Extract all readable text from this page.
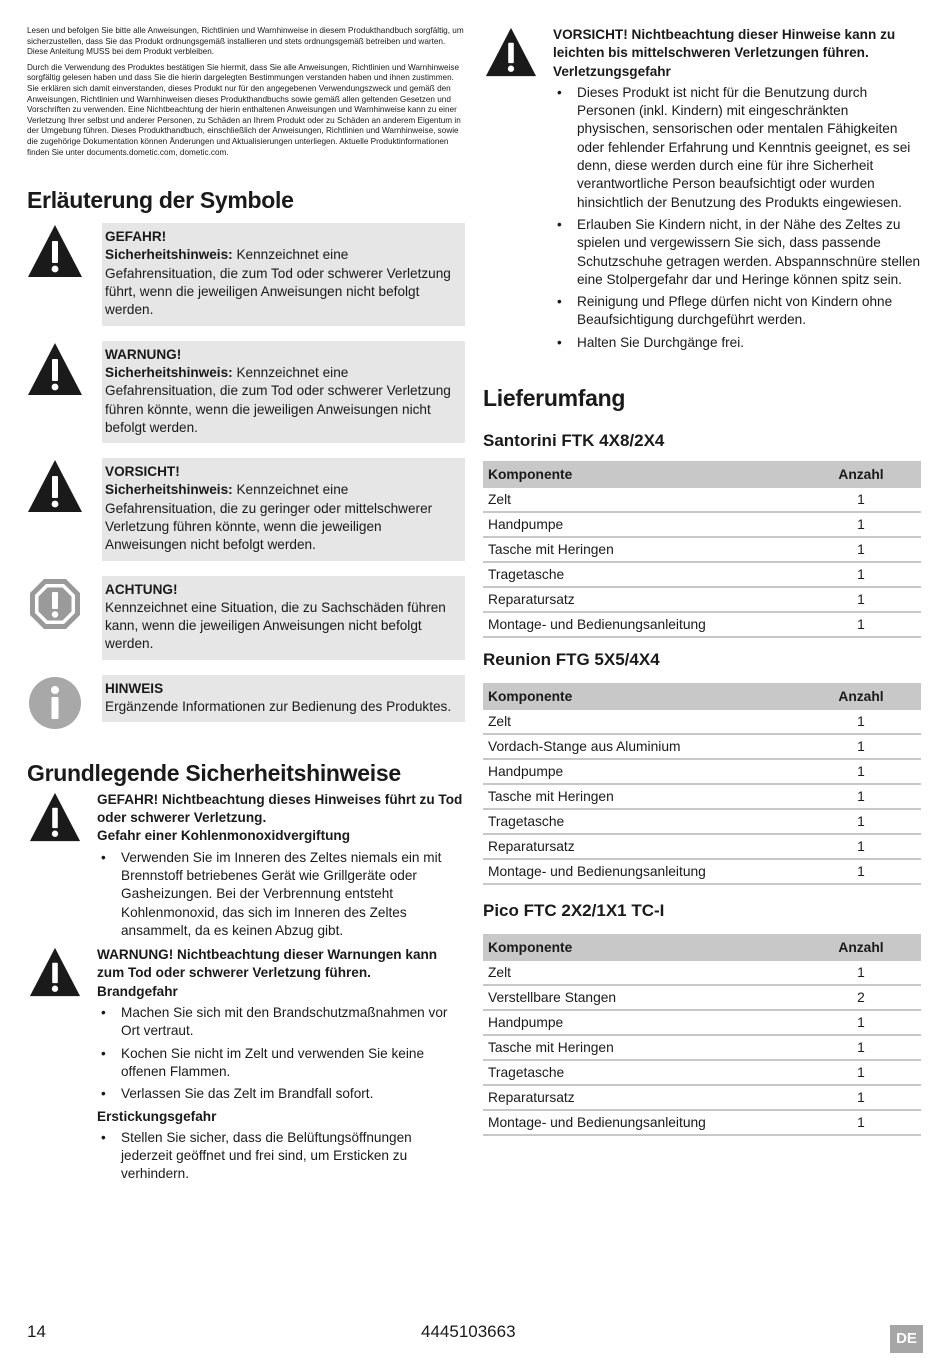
Lesen und befolgen Sie bitte alle Anweisungen, Richtlinien und Warnhinweise in diesem Produkthandbuch sorgfältig, um sicherzustellen, dass Sie das Produkt ordnungsgemäß installieren und stets ordnungsgemäß betreiben und warten. Diese Anleitung MUSS bei dem Produkt verbleiben.

Durch die Verwendung des Produktes bestätigen Sie hiermit, dass Sie alle Anweisungen, Richtlinien und Warnhinweise sorgfältig gelesen haben und dass Sie die hierin dargelegten Bestimmungen verstanden haben und ihnen zustimmen. Sie erklären sich damit einverstanden, dieses Produkt nur für den angegebenen Verwendungszweck und gemäß den Anweisungen, Richtlinien und Warnhinweisen dieses Produkthandbuchs sowie gemäß allen geltenden Gesetzen und Vorschriften zu verwenden. Eine Nichtbeachtung der hierin enthaltenen Anweisungen und Warnhinweise kann zu einer Verletzung Ihrer selbst und anderer Personen, zu Schäden an Ihrem Produkt oder zu Schäden an anderem Eigentum in der Umgebung führen. Dieses Produkthandbuch, einschließlich der Anweisungen, Richtlinien und Warnhinweise, sowie die zugehörige Dokumentation können Änderungen und Aktualisierungen unterliegen. Aktuelle Produktinformationen finden Sie unter documents.dometic.com, dometic.com.

Erläuterung der Symbole
GEFAHR!
Sicherheitshinweis: Kennzeichnet eine Gefahrensituation, die zum Tod oder schwerer Verletzung führt, wenn die jeweiligen Anweisungen nicht befolgt werden.
WARNUNG!
Sicherheitshinweis: Kennzeichnet eine Gefahrensituation, die zum Tod oder schwerer Verletzung führen könnte, wenn die jeweiligen Anweisungen nicht befolgt werden.
VORSICHT!
Sicherheitshinweis: Kennzeichnet eine Gefahrensituation, die zu geringer oder mittelschwerer Verletzung führen könnte, wenn die jeweiligen Anweisungen nicht befolgt werden.
ACHTUNG!
Kennzeichnet eine Situation, die zu Sachschäden führen kann, wenn die jeweiligen Anweisungen nicht befolgt werden.
HINWEIS
Ergänzende Informationen zur Bedienung des Produktes.
Grundlegende Sicherheitshinweise
GEFAHR! Nichtbeachtung dieses Hinweises führt zu Tod oder schwerer Verletzung.
Gefahr einer Kohlenmonoxidvergiftung
• Verwenden Sie im Inneren des Zeltes niemals ein mit Brennstoff betriebenes Gerät wie Grillgeräte oder Gasheizungen. Bei der Verbrennung entsteht Kohlenmonoxid, das sich im Inneren des Zeltes ansammelt, da es keinen Abzug gibt.
WARNUNG! Nichtbeachtung dieser Warnungen kann zum Tod oder schwerer Verletzung führen.
Brandgefahr
• Machen Sie sich mit den Brandschutzmaßnahmen vor Ort vertraut.
• Kochen Sie nicht im Zelt und verwenden Sie keine offenen Flammen.
• Verlassen Sie das Zelt im Brandfall sofort.
Erstickungsgefahr
• Stellen Sie sicher, dass die Belüftungsöffnungen jederzeit geöffnet und frei sind, um Ersticken zu verhindern.
VORSICHT! Nichtbeachtung dieser Hinweise kann zu leichten bis mittelschweren Verletzungen führen.
Verletzungsgefahr
• Dieses Produkt ist nicht für die Benutzung durch Personen (inkl. Kindern) mit eingeschränkten physischen, sensorischen oder mentalen Fähigkeiten oder fehlender Erfahrung und Kenntnis geeignet, es sei denn, diese werden durch eine für ihre Sicherheit verantwortliche Person beaufsichtigt oder wurden hinsichtlich der Benutzung des Produkts eingewiesen.
• Erlauben Sie Kindern nicht, in der Nähe des Zeltes zu spielen und vergewissern Sie sich, dass passende Schutzschuhe getragen werden. Abspannschnüre stellen eine Stolpergefahr dar und Heringe können spitz sein.
• Reinigung und Pflege dürfen nicht von Kindern ohne Beaufsichtigung durchgeführt werden.
• Halten Sie Durchgänge frei.
Lieferumfang
Santorini FTK 4X8/2X4
Komponente	Anzahl
Zelt	1
Handpumpe	1
Tasche mit Heringen	1
Tragetasche	1
Reparatursatz	1
Montage- und Bedienungsanleitung	1
Reunion FTG 5X5/4X4
Komponente	Anzahl
Zelt	1
Vordach-Stange aus Aluminium	1
Handpumpe	1
Tasche mit Heringen	1
Tragetasche	1
Reparatursatz	1
Montage- und Bedienungsanleitung	1
Pico FTC 2X2/1X1 TC-I
Komponente	Anzahl
Zelt	1
Verstellbare Stangen	2
Handpumpe	1
Tasche mit Heringen	1
Tragetasche	1
Reparatursatz	1
Montage- und Bedienungsanleitung	1
14	4445103663	DE
